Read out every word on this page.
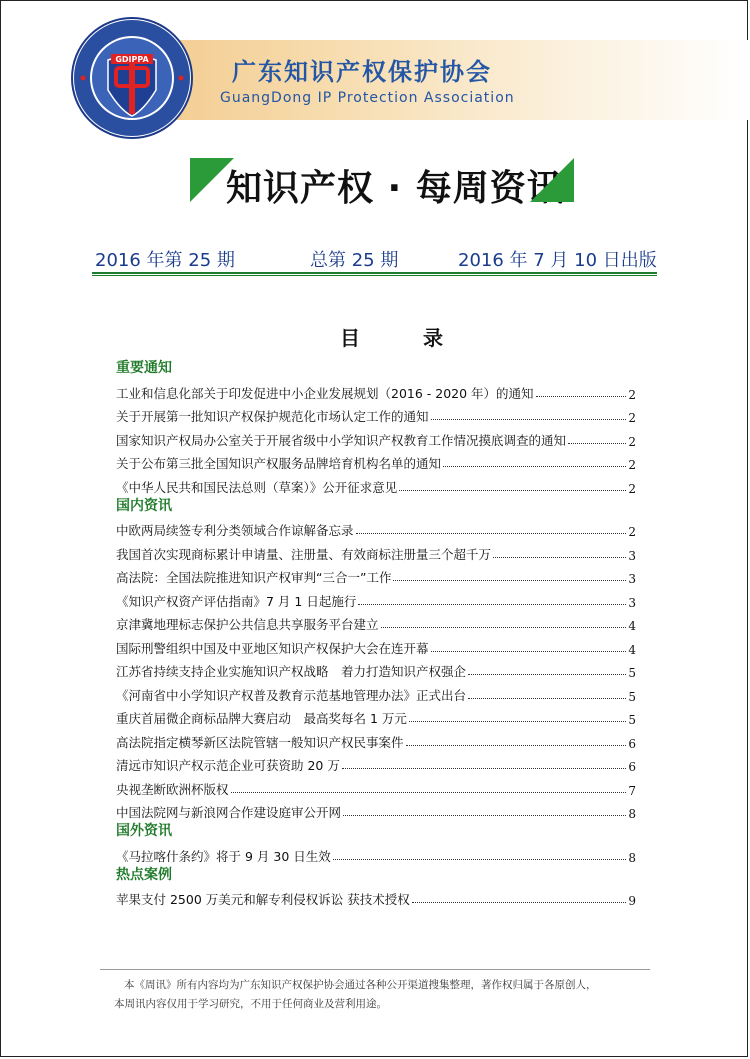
GDIPPA	广东知识产权保护协会
GuangDong IP Protection Association
知识产权 · 每周资讯
2016 年第 25 期	总第 25 期	2016 年 7 月 10 日出版
目 录
重要通知
工业和信息化部关于印发促进中小企业发展规划（2016 - 2020 年）的通知	2
关于开展第一批知识产权保护规范化市场认定工作的通知	2
国家知识产权局办公室关于开展省级中小学知识产权教育工作情况摸底调查的通知	2
关于公布第三批全国知识产权服务品牌培育机构名单的通知	2
《中华人民共和国民法总则（草案）》公开征求意见	2
国内资讯
中欧两局续签专利分类领域合作谅解备忘录	2
我国首次实现商标累计申请量、注册量、有效商标注册量三个超千万	3
高法院：全国法院推进知识产权审判“三合一”工作	3
《知识产权资产评估指南》7 月 1 日起施行	3
京津冀地理标志保护公共信息共享服务平台建立	4
国际刑警组织中国及中亚地区知识产权保护大会在连开幕	4
江苏省持续支持企业实施知识产权战略　着力打造知识产权强企	5
《河南省中小学知识产权普及教育示范基地管理办法》正式出台	5
重庆首届微企商标品牌大赛启动　最高奖每名 1 万元	5
高法院指定横琴新区法院管辖一般知识产权民事案件	6
清远市知识产权示范企业可获资助 20 万	6
央视垄断欧洲杯版权	7
中国法院网与新浪网合作建设庭审公开网	8
国外资讯
《马拉喀什条约》将于 9 月 30 日生效	8
热点案例
苹果支付 2500 万美元和解专利侵权诉讼 获技术授权	9

本《周讯》所有内容均为广东知识产权保护协会通过各种公开渠道搜集整理，著作权归属于各原创人，

本周讯内容仅用于学习研究，不用于任何商业及营利用途。
